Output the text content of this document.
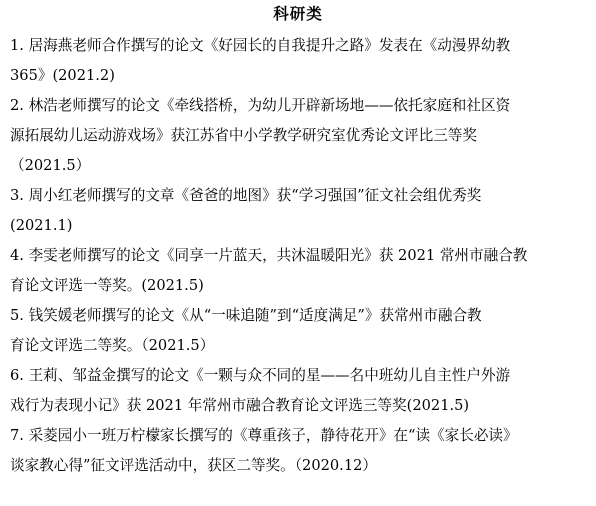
科研类
1. 居海燕老师合作撰写的论文《好园长的自我提升之路》发表在《动漫界幼教
365》(2021.2)
2. 林浩老师撰写的论文《牵线搭桥，为幼儿开辟新场地——依托家庭和社区资
源拓展幼儿运动游戏场》获江苏省中小学教学研究室优秀论文评比三等奖
（2021.5）
3. 周小红老师撰写的文章《爸爸的地图》获“学习强国”征文社会组优秀奖
(2021.1)
4. 李雯老师撰写的论文《同享一片蓝天，共沐温暖阳光》获 2021 常州市融合教
育论文评选一等奖。(2021.5)
5. 钱笑媛老师撰写的论文《从“一味追随”到“适度满足”》获常州市融合教
育论文评选二等奖。（2021.5）
6. 王莉、邹益金撰写的论文《一颗与众不同的星——名中班幼儿自主性户外游
戏行为表现小记》获 2021 年常州市融合教育论文评选三等奖(2021.5)
7. 采菱园小一班万柠檬家长撰写的《尊重孩子，静待花开》在“读《家长必读》
谈家教心得”征文评选活动中，获区二等奖。（2020.12）
